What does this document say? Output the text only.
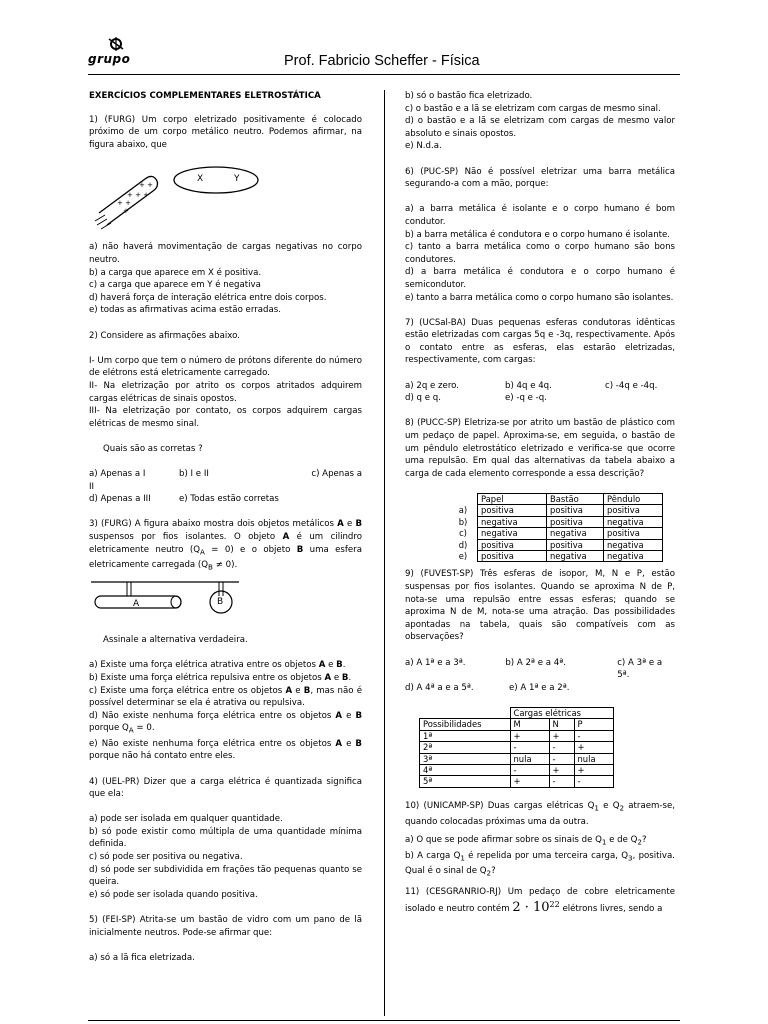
grupo	Prof. Fabricio Scheffer - Física

EXERCÍCIOS COMPLEMENTARES ELETROSTÁTICA

1) (FURG) Um corpo eletrizado positivamente é colocado próximo de um corpo metálico neutro. Podemos afirmar, na figura abaixo, que

+ +
+ + +
+ +
+
X	Y

a) não haverá movimentação de cargas negativas no corpo neutro.

b) a carga que aparece em X é positiva.

c) a carga que aparece em Y é negativa

d) haverá força de interação elétrica entre dois corpos.

e) todas as afirmativas acima estão erradas.

2) Considere as afirmações abaixo.

I- Um corpo que tem o número de prótons diferente do número de elétrons está eletricamente carregado.

II- Na eletrização por atrito os corpos atritados adquirem cargas elétricas de sinais opostos.

III- Na eletrização por contato, os corpos adquirem cargas elétricas de mesmo sinal.

Quais são as corretas ?

a) Apenas a I	b) I e II	c) Apenas a

II

d) Apenas a III	e) Todas estão corretas

3) (FURG) A figura abaixo mostra dois objetos metálicos A e B suspensos por fios isolantes. O objeto A é um cilindro eletricamente neutro $(Q_A = 0)$ e o objeto B uma esfera eletricamente carregada $(Q_B \ne 0)$.

A	B

Assinale a alternativa verdadeira.

a) Existe uma força elétrica atrativa entre os objetos A e B.

b) Existe uma força elétrica repulsiva entre os objetos A e B.

c) Existe uma força elétrica entre os objetos A e B, mas não é possível determinar se ela é atrativa ou repulsiva.

d) Não existe nenhuma força elétrica entre os objetos A e B porque $Q_A = 0$.

e) Não existe nenhuma força elétrica entre os objetos A e B porque não há contato entre eles.

4) (UEL-PR) Dizer que a carga elétrica é quantizada significa que ela:

a) pode ser isolada em qualquer quantidade.

b) só pode existir como múltipla de uma quantidade mínima definida.

c) só pode ser positiva ou negativa.

d) só pode ser subdividida em frações tão pequenas quanto se queira.

e) só pode ser isolada quando positiva.

5) (FEI-SP) Atrita-se um bastão de vidro com um pano de lã inicialmente neutros. Pode-se afirmar que:

a) só a lã fica eletrizada.

b) só o bastão fica eletrizado.

c) o bastão e a lã se eletrizam com cargas de mesmo sinal.

d) o bastão e a lã se eletrizam com cargas de mesmo valor absoluto e sinais opostos.

e) N.d.a.

6) (PUC-SP) Não é possível eletrizar uma barra metálica segurando-a com a mão, porque:

a) a barra metálica é isolante e o corpo humano é bom condutor.

b) a barra metálica é condutora e o corpo humano é isolante.

c) tanto a barra metálica como o corpo humano são bons condutores.

d) a barra metálica é condutora e o corpo humano é semicondutor.

e) tanto a barra metálica como o corpo humano são isolantes.

7) (UCSal-BA) Duas pequenas esferas condutoras idênticas estão eletrizadas com cargas 5q e -3q, respectivamente. Após o contato entre as esferas, elas estarão eletrizadas, respectivamente, com cargas:

a) 2q e zero.	b) 4q e 4q.	c) -4q e -4q.
d) q e q.	e) -q e -q.

8) (PUCC-SP) Eletriza-se por atrito um bastão de plástico com um pedaço de papel. Aproxima-se, em seguida, o bastão de um pêndulo eletrostático eletrizado e verifica-se que ocorre uma repulsão. Em qual das alternativas da tabela abaixo a carga de cada elemento corresponde a essa descrição?

	Papel	Bastão	Pêndulo
a)	positiva	positiva	positiva
b)	negativa	positiva	negativa
c)	negativa	negativa	positiva
d)	positiva	positiva	negativa
e)	positiva	negativa	negativa

9) (FUVEST-SP) Três esferas de isopor, M, N e P, estão suspensas por fios isolantes. Quando se aproxima N de P, nota-se uma repulsão entre essas esferas; quando se aproxima N de M, nota-se uma atração. Das possibilidades apontadas na tabela, quais são compatíveis com as observações?

a) A 1ª e a 3ª.	b) A 2ª e a 4ª.	c) A 3ª e a 5ª.
d) A 4ª a e a 5ª.	e) A 1ª e a 2ª.
	Cargas elétricas		
Possibilidades	M	N	P
1ª	+	+	-
2ª	-	-	+
3ª	nula	-	nula
4ª	-	+	+
5ª	+	-	-

10) (UNICAMP-SP) Duas cargas elétricas $Q_1$ e $Q_2$ atraem-se, quando colocadas próximas uma da outra.

a) O que se pode afirmar sobre os sinais de $Q_1$ e de $Q_2$?

b) A carga $Q_1$ é repelida por uma terceira carga, $Q_3$, positiva. Qual é o sinal de $Q_2$?

11) (CESGRANRIO-RJ) Um pedaço de cobre eletricamente isolado e neutro contém $2 \cdot 10^{22}$ elétrons livres, sendo a
